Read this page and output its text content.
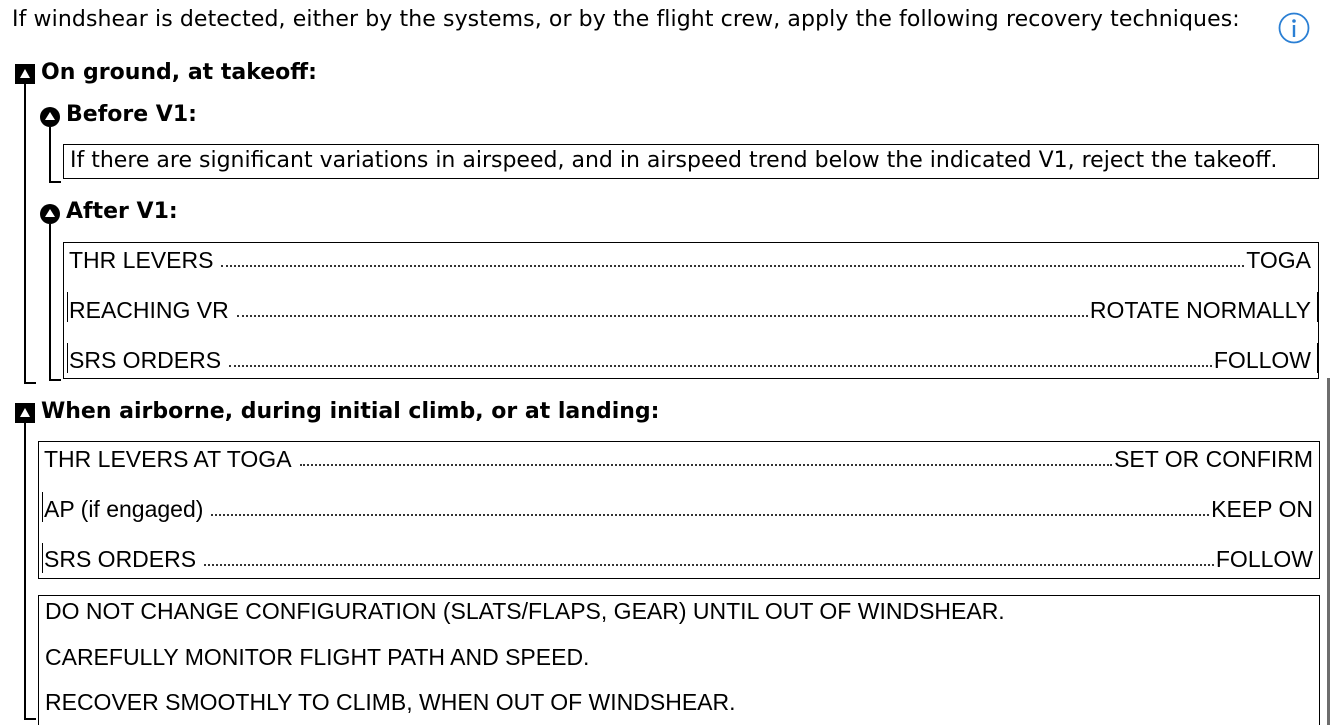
If windshear is detected, either by the systems, or by the flight crew, apply the following recovery techniques:
On ground, at takeoff:
Before V1:
If there are significant variations in airspeed, and in airspeed trend below the indicated V1, reject the takeoff.
After V1:
THR LEVERS	TOGA
REACHING VR	ROTATE NORMALLY
SRS ORDERS	FOLLOW
When airborne, during initial climb, or at landing:
THR LEVERS AT TOGA	SET OR CONFIRM
AP (if engaged)	KEEP ON
SRS ORDERS	FOLLOW
DO NOT CHANGE CONFIGURATION (SLATS/FLAPS, GEAR) UNTIL OUT OF WINDSHEAR.
CAREFULLY MONITOR FLIGHT PATH AND SPEED.
RECOVER SMOOTHLY TO CLIMB, WHEN OUT OF WINDSHEAR.
